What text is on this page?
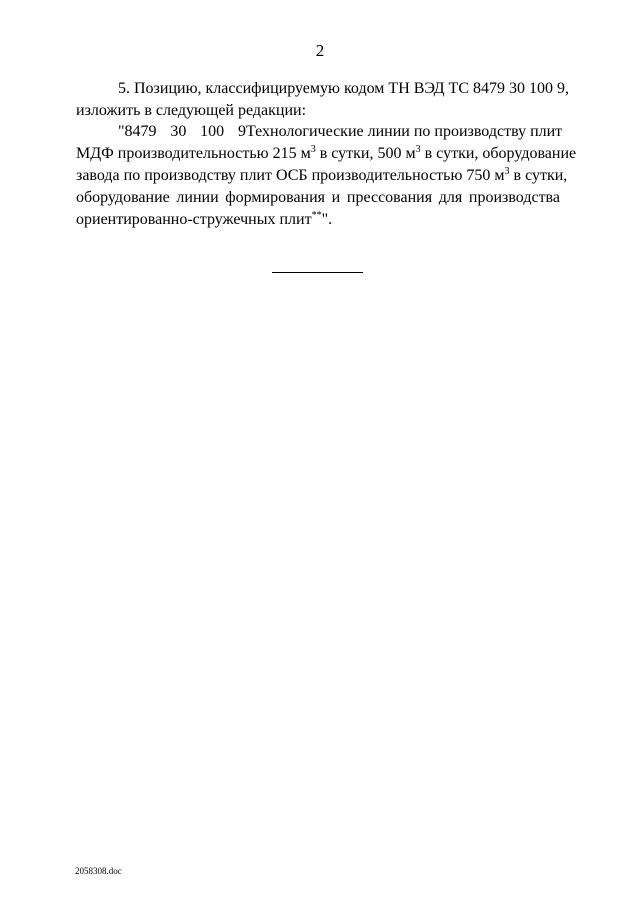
2
5. Позицию, классифицируемую кодом ТН ВЭД ТС 8479 30 100 9,
изложить в следующей редакции:
"8479 30 100 9Технологические линии по производству плит
МДФ производительностью 215 $м^3$ в сутки, 500 $м^3$ в сутки, оборудование
завода по производству плит ОСБ производительностью 750 $м^3$ в сутки,
оборудование линии формирования и прессования для производства
ориентированно-стружечных плит**".
2058308.doc
